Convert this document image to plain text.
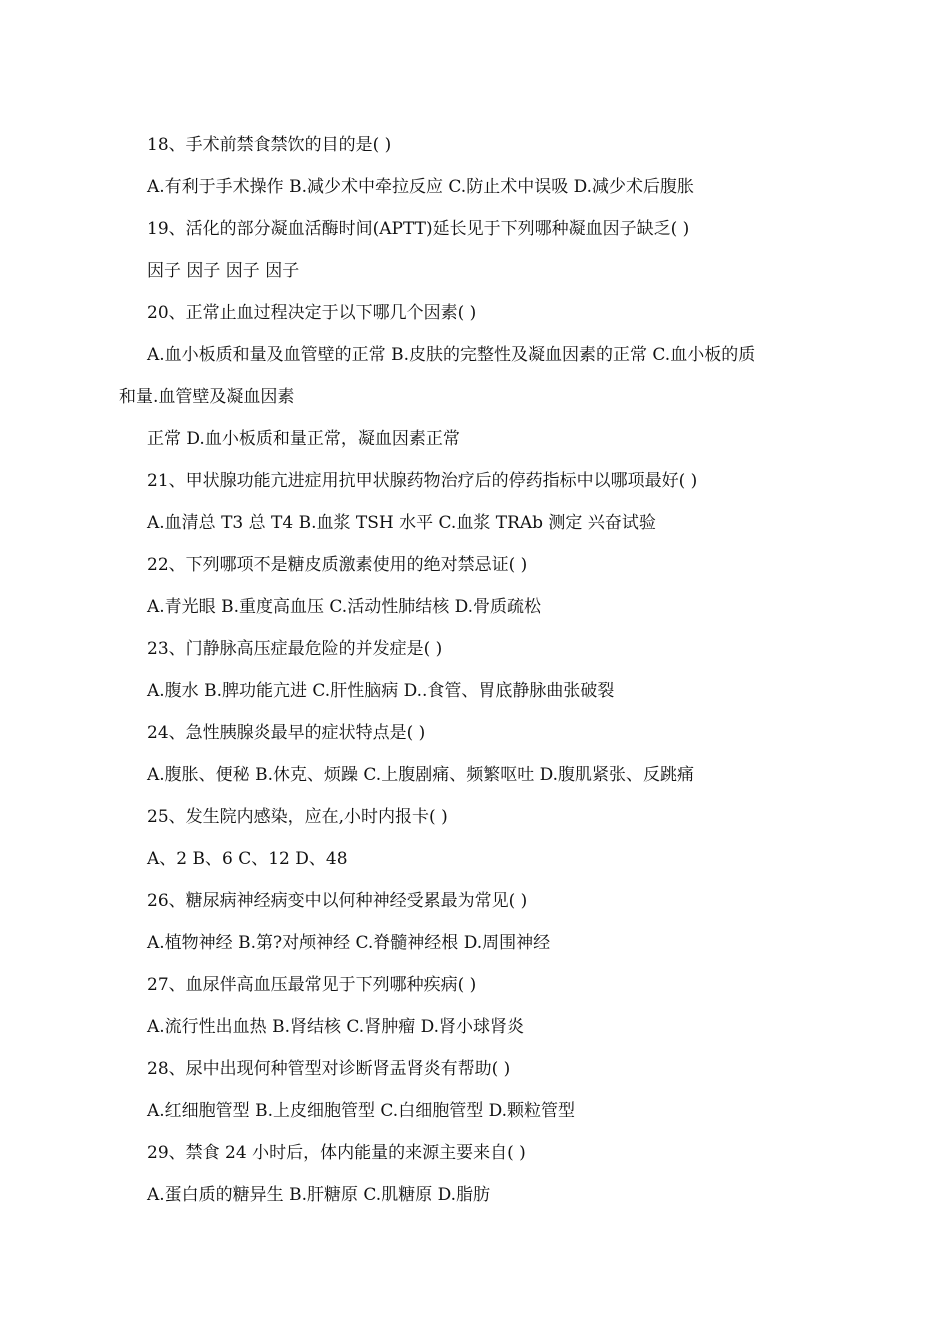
18、手术前禁食禁饮的目的是( )
A.有利于手术操作 B.减少术中牵拉反应 C.防止术中误吸 D.减少术后腹胀
19、活化的部分凝血活酶时间(APTT)延长见于下列哪种凝血因子缺乏( )
因子 因子 因子 因子
20、正常止血过程决定于以下哪几个因素( )
A.血小板质和量及血管壁的正常 B.皮肤的完整性及凝血因素的正常 C.血小板的质
和量.血管壁及凝血因素
正常 D.血小板质和量正常，凝血因素正常
21、甲状腺功能亢进症用抗甲状腺药物治疗后的停药指标中以哪项最好( )
A.血清总 T3 总 T4 B.血浆 TSH 水平 C.血浆 TRAb 测定 兴奋试验
22、下列哪项不是糖皮质激素使用的绝对禁忌证( )
A.青光眼 B.重度高血压 C.活动性肺结核 D.骨质疏松
23、门静脉高压症最危险的并发症是( )
A.腹水 B.脾功能亢进 C.肝性脑病 D..食管、胃底静脉曲张破裂
24、急性胰腺炎最早的症状特点是( )
A.腹胀、便秘 B.休克、烦躁 C.上腹剧痛、频繁呕吐 D.腹肌紧张、反跳痛
25、发生院内感染，应在,小时内报卡( )
A、2 B、6 C、12 D、48
26、糖尿病神经病变中以何种神经受累最为常见( )
A.植物神经 B.第?对颅神经 C.脊髓神经根 D.周围神经
27、血尿伴高血压最常见于下列哪种疾病( )
A.流行性出血热 B.肾结核 C.肾肿瘤 D.肾小球肾炎
28、尿中出现何种管型对诊断肾盂肾炎有帮助( )
A.红细胞管型 B.上皮细胞管型 C.白细胞管型 D.颗粒管型
29、禁食 24 小时后，体内能量的来源主要来自( )
A.蛋白质的糖异生 B.肝糖原 C.肌糖原 D.脂肪
